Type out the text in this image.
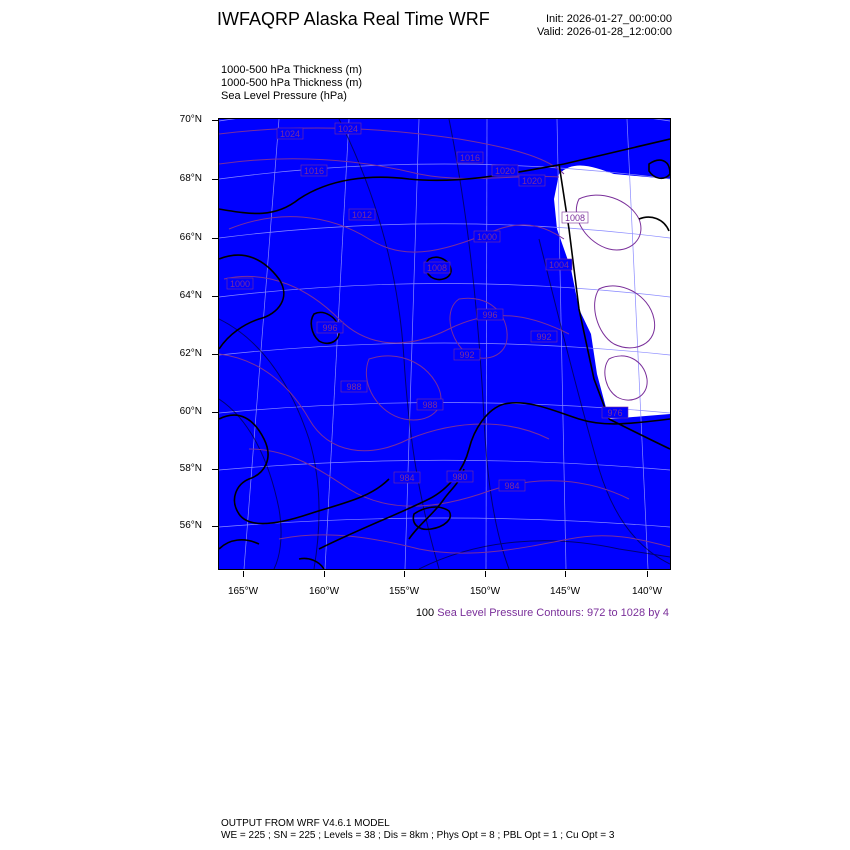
IWFAQRP Alaska Real Time WRF	Init: 2026-01-27_00:00:00
Valid: 2026-01-28_12:00:00
1000-500 hPa Thickness (m)
1000-500 hPa Thickness (m)
Sea Level Pressure (hPa)
70°N
68°N
66°N
64°N
62°N
60°N
58°N
56°N
165°W	160°W	155°W	150°W	145°W	140°W
1024	1024
1016
1016
1020
1020
1008
1004
1000
1000
1012
1008
996
996
992
992
988
988
984
984	980
976
100 Sea Level Pressure Contours: 972 to 1028 by 4
OUTPUT FROM WRF V4.6.1 MODEL
WE = 225 ; SN = 225 ; Levels = 38 ; Dis = 8km ; Phys Opt = 8 ; PBL Opt = 1 ; Cu Opt = 3
